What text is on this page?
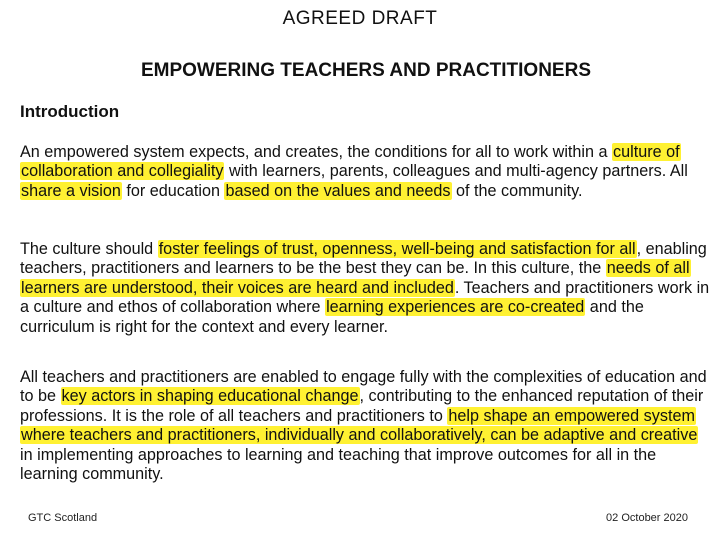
AGREED DRAFT
EMPOWERING TEACHERS AND PRACTITIONERS
Introduction

An empowered system expects, and creates, the conditions for all to work within a culture of collaboration and collegiality with learners, parents, colleagues and multi-agency partners. All share a vision for education based on the values and needs of the community.

The culture should foster feelings of trust, openness, well-being and satisfaction for all, enabling teachers, practitioners and learners to be the best they can be. In this culture, the needs of all learners are understood, their voices are heard and included. Teachers and practitioners work in a culture and ethos of collaboration where learning experiences are co-created and the curriculum is right for the context and every learner.

All teachers and practitioners are enabled to engage fully with the complexities of education and to be key actors in shaping educational change, contributing to the enhanced reputation of their professions. It is the role of all teachers and practitioners to help shape an empowered system where teachers and practitioners, individually and collaboratively, can be adaptive and creative in implementing approaches to learning and teaching that improve outcomes for all in the learning community.

GTC Scotland	02 October 2020
